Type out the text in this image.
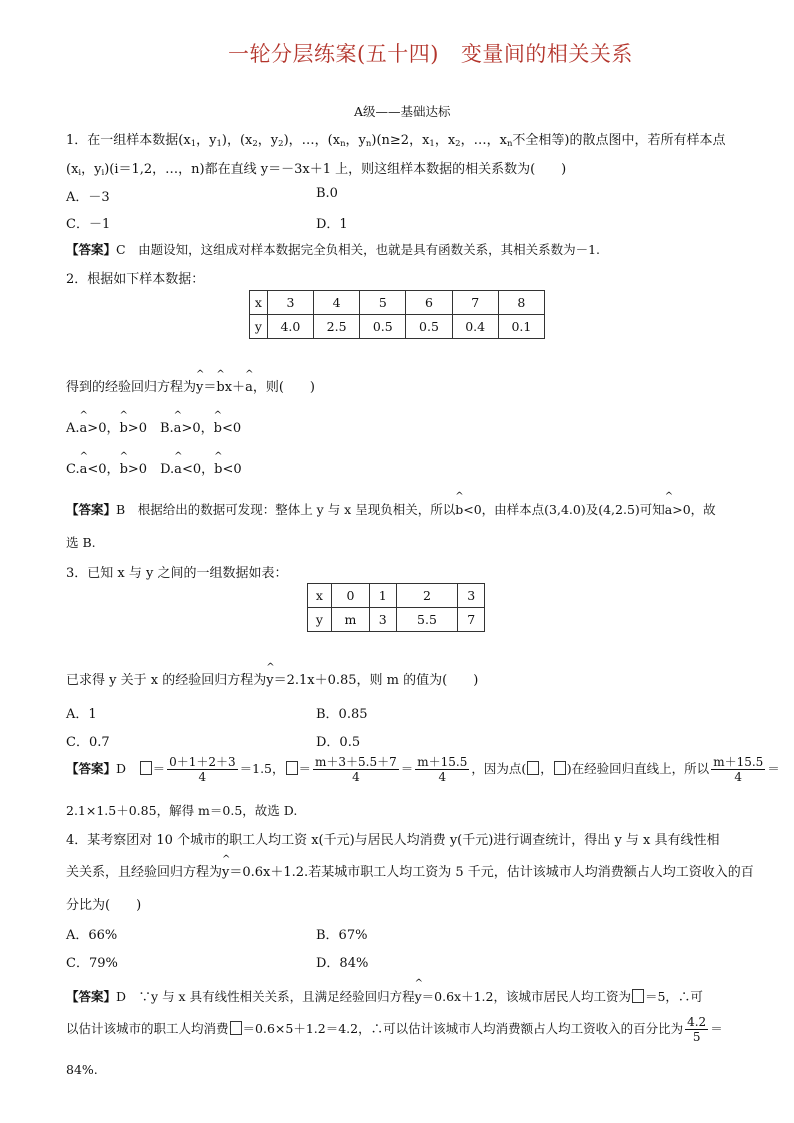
一轮分层练案(五十四) 变量间的相关关系
A级——基础达标
1．在一组样本数据($x_1$，$y_1$)，($x_2$，$y_2$)，…，($x_n$，$y_n)(n\ge 2$，$x_1$，$x_2$，…，$x_n$不全相等)的散点图中，若所有样本点
($x_i$，$y_i)(i=1,2$，…，n)都在直线 y＝－3x＋1 上，则这组样本数据的相关系数为(　　)
A．－3	B.0
C．－1	D．1
【答案】C　由题设知，这组成对样本数据完全负相关，也就是具有函数关系，其相关系数为－1.
2．根据如下样本数据：
x	3	4	5	6	7	8
y	4.0	2.5	0.5	0.5	0.4	0.1
得到的经验回归方程为^ y＝^ bx＋^ a，则(　　)
A.^ a>0，^ b>0　 B.^ a>0，^ b<0
C.^ a<0，^ b>0　 D.^ a<0，^ b<0
【答案】B　根据给出的数据可发现：整体上 y 与 x 呈现负相关，所以^ b<0，由样本点(3,4.0)及(4,2.5)可知^ a>0，故
选 B.
3．已知 x 与 y 之间的一组数据如表：
x	0	1	2	3
y	m	3	5.5	7
已求得 y 关于 x 的经验回归方程为^ y＝2.1x＋0.85，则 m 的值为(　　)
A．1	B．0.85
C．0.7	D．0.5
【答案】D　 ＝ $\frac{0+1+2+3}{4} =1.5$， ＝ $\frac{m+3+5.5+7}{4} = \frac{m+15.5}{4}$ ，因为点( ， )在经验回归直线上，所以 $\frac{m+15.5}{4}$ ＝
2.1×1.5＋0.85，解得 m＝0.5，故选 D.
4．某考察团对 10 个城市的职工人均工资 x(千元)与居民人均消费 y(千元)进行调查统计，得出 y 与 x 具有线性相
关关系，且经验回归方程为^ y＝0.6x＋1.2.若某城市职工人均工资为 5 千元，估计该城市人均消费额占人均工资收入的百
分比为(　　)
A．66%	B．67%
C．79%	D．84%
【答案】D　∵y 与 x 具有线性相关关系，且满足经验回归方程^ y＝0.6x＋1.2，该城市居民人均工资为 ＝5，∴可
以估计该城市的职工人均消费 ＝0.6×5＋1.2＝4.2，∴可以估计该城市人均消费额占人均工资收入的百分比为 $\frac{4.2}{5}$ ＝
84%.
